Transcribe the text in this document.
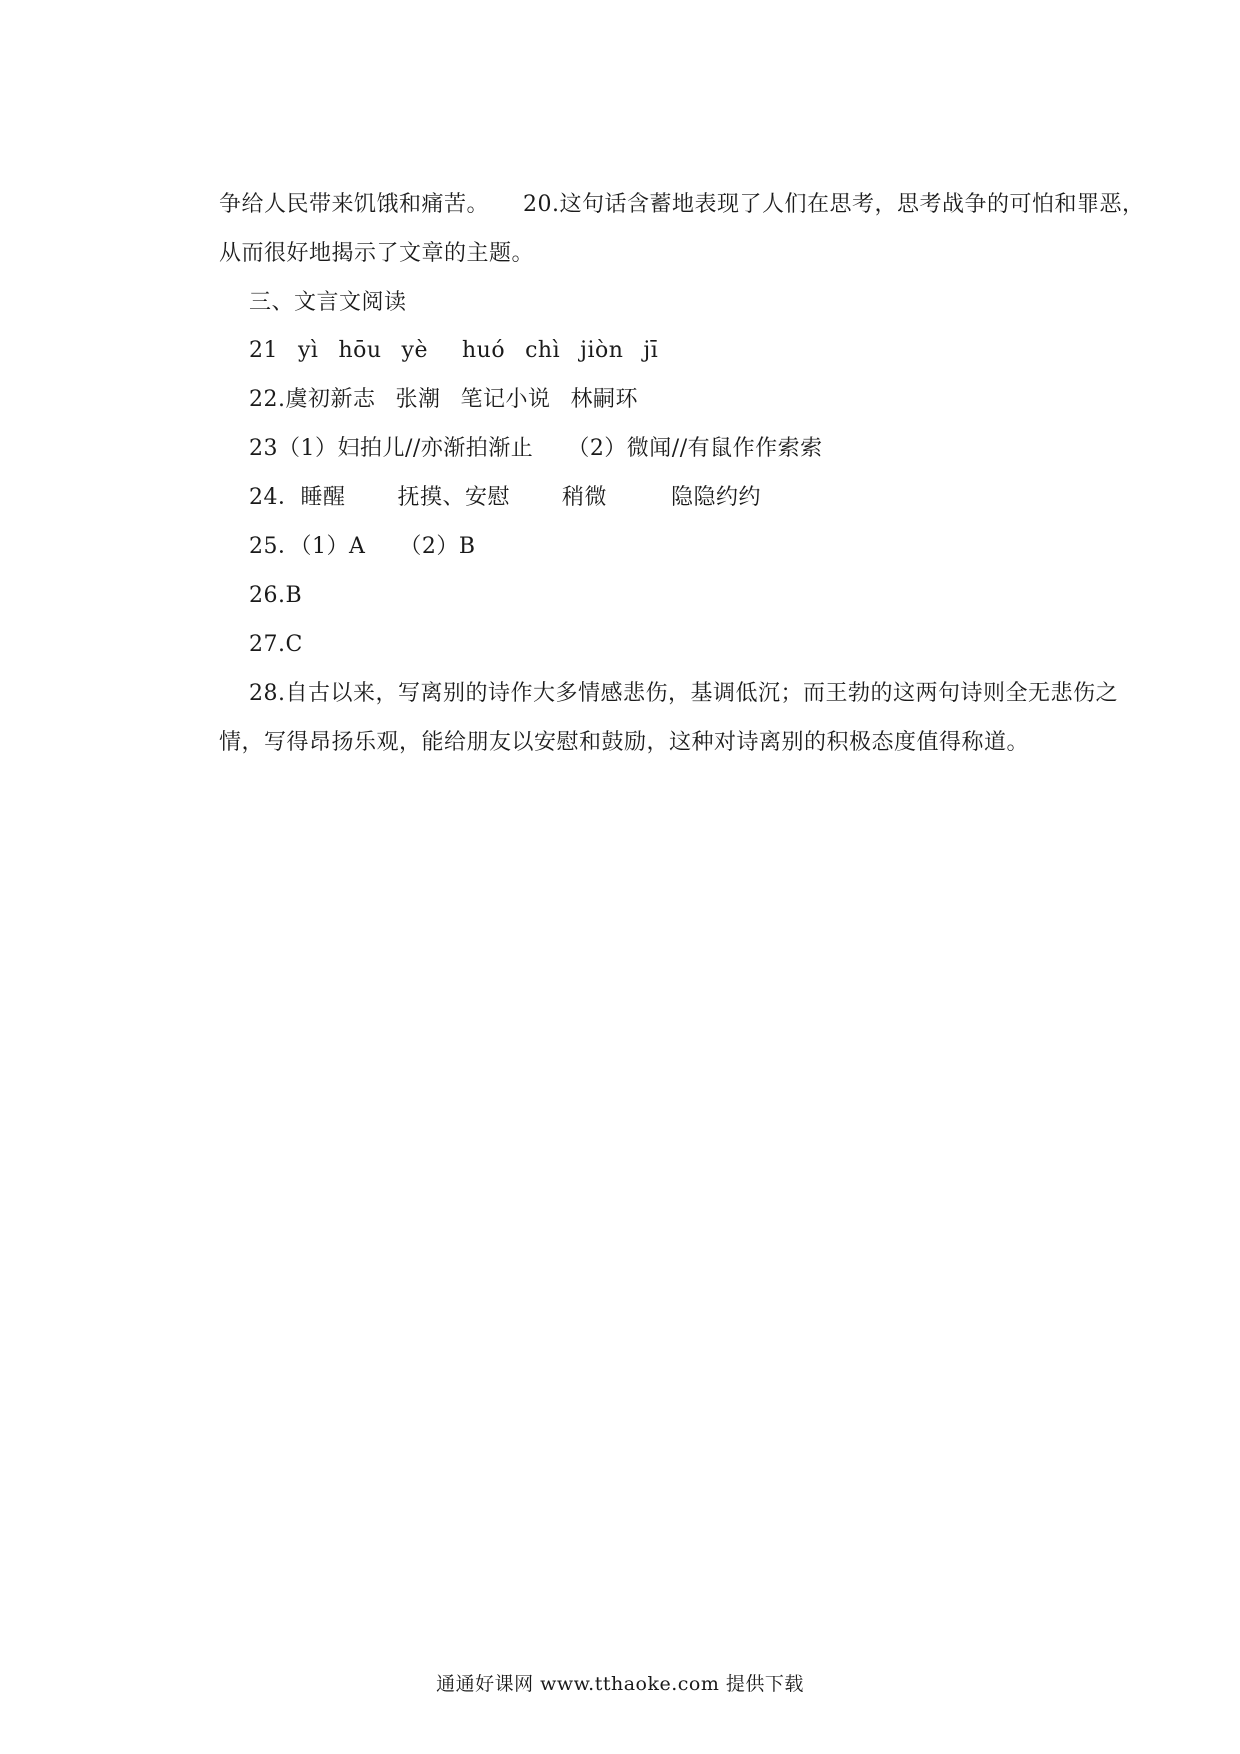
争给人民带来饥饿和痛苦。 20.这句话含蓄地表现了人们在思考，思考战争的可怕和罪恶，

从而很好地揭示了文章的主题。

三、文言文阅读

21 yì hōu yè huó chì jiòn jī

22.虞初新志 张潮 笔记小说 林嗣环

23（1）妇拍儿//亦渐拍渐止 （2）微闻//有鼠作作索索

24．睡醒 抚摸、安慰 稍微	隐隐约约

25．（1）A （2）B

26.B

27.C

28.自古以来，写离别的诗作大多情感悲伤，基调低沉；而王勃的这两句诗则全无悲伤之

情，写得昂扬乐观，能给朋友以安慰和鼓励，这种对诗离别的积极态度值得称道。

通通好课网 www.tthaoke.com 提供下载
